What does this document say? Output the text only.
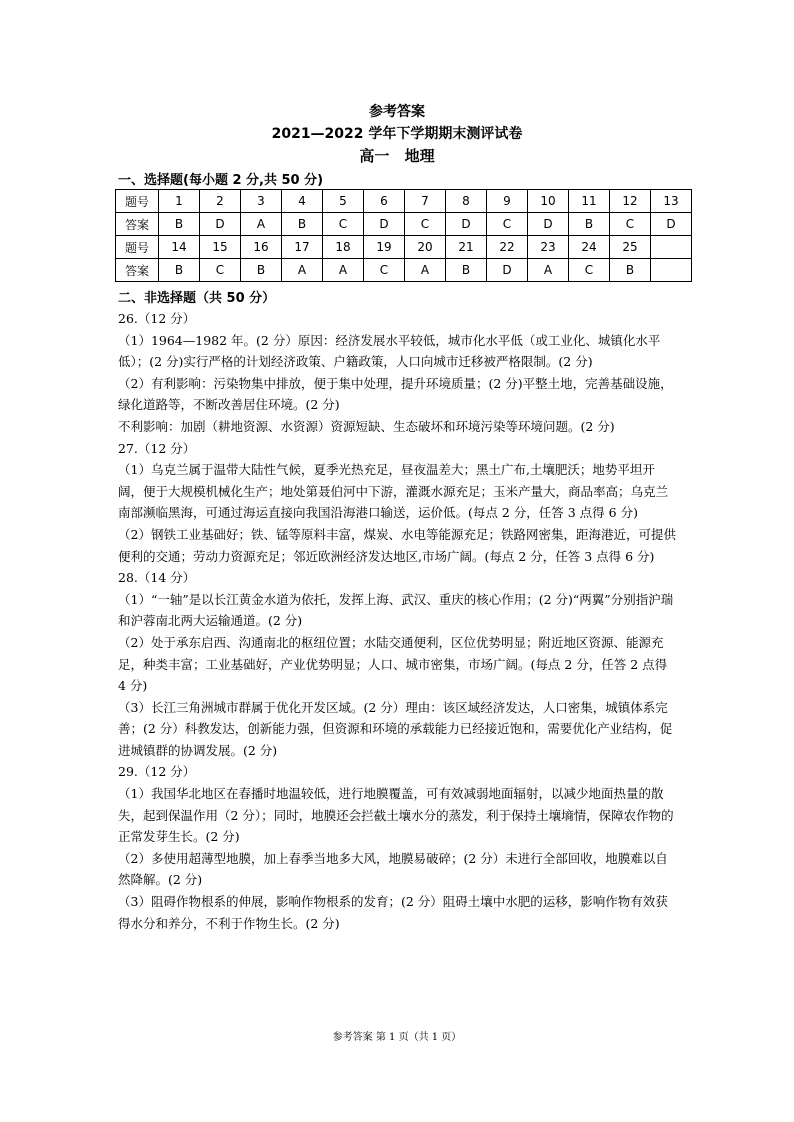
参考答案
2021—2022 学年下学期期末测评试卷
高一 地理
一、选择题(每小题 2 分,共 50 分)
题号	1	2	3	4	5	6	7	8	9	10	11	12	13
答案	B	D	A	B	C	D	C	D	C	D	B	C	D
题号	14	15	16	17	18	19	20	21	22	23	24	25	
答案	B	C	B	A	A	C	A	B	D	A	C	B	
二、非选择题（共 50 分）

26.（12 分）

（1）1964—1982 年。(2 分）原因：经济发展水平较低，城市化水平低（或工业化、城镇化水平低）；(2 分)实行严格的计划经济政策、户籍政策，人口向城市迁移被严格限制。(2 分)

（2）有利影响：污染物集中排放，便于集中处理，提升环境质量；(2 分)平整土地，完善基础设施，绿化道路等，不断改善居住环境。(2 分)

不利影响：加剧（耕地资源、水资源）资源短缺、生态破坏和环境污染等环境问题。(2 分)

27.（12 分）

（1）乌克兰属于温带大陆性气候，夏季光热充足，昼夜温差大；黑土广布,土壤肥沃；地势平坦开阔，便于大规模机械化生产；地处第聂伯河中下游，灌溉水源充足；玉米产量大，商品率高；乌克兰南部濒临黑海，可通过海运直接向我国沿海港口输送，运价低。(每点 2 分，任答 3 点得 6 分)

（2）钢铁工业基础好；铁、锰等原料丰富，煤炭、水电等能源充足；铁路网密集，距海港近，可提供便利的交通；劳动力资源充足；邻近欧洲经济发达地区,市场广阔。(每点 2 分，任答 3 点得 6 分)

28.（14 分）

（1）“一轴”是以长江黄金水道为依托，发挥上海、武汉、重庆的核心作用；(2 分)“两翼”分别指沪瑞和沪蓉南北两大运输通道。(2 分)

（2）处于承东启西、沟通南北的枢纽位置；水陆交通便利，区位优势明显；附近地区资源、能源充足，种类丰富；工业基础好，产业优势明显；人口、城市密集，市场广阔。(每点 2 分，任答 2 点得 4 分)

（3）长江三角洲城市群属于优化开发区域。(2 分）理由：该区域经济发达，人口密集，城镇体系完善；(2 分）科教发达，创新能力强，但资源和环境的承载能力已经接近饱和，需要优化产业结构，促进城镇群的协调发展。(2 分)

29.（12 分）

（1）我国华北地区在春播时地温较低，进行地膜覆盖，可有效减弱地面辐射，以减少地面热量的散失，起到保温作用（2 分）；同时，地膜还会拦截土壤水分的蒸发，利于保持土壤墒情，保障农作物的正常发芽生长。(2 分)

（2）多使用超薄型地膜，加上春季当地多大风，地膜易破碎；(2 分）未进行全部回收，地膜难以自然降解。(2 分)

（3）阻碍作物根系的伸展，影响作物根系的发育；(2 分）阻碍土壤中水肥的运移，影响作物有效获得水分和养分，不利于作物生长。(2 分)

参考答案 第 1 页（共 1 页）
